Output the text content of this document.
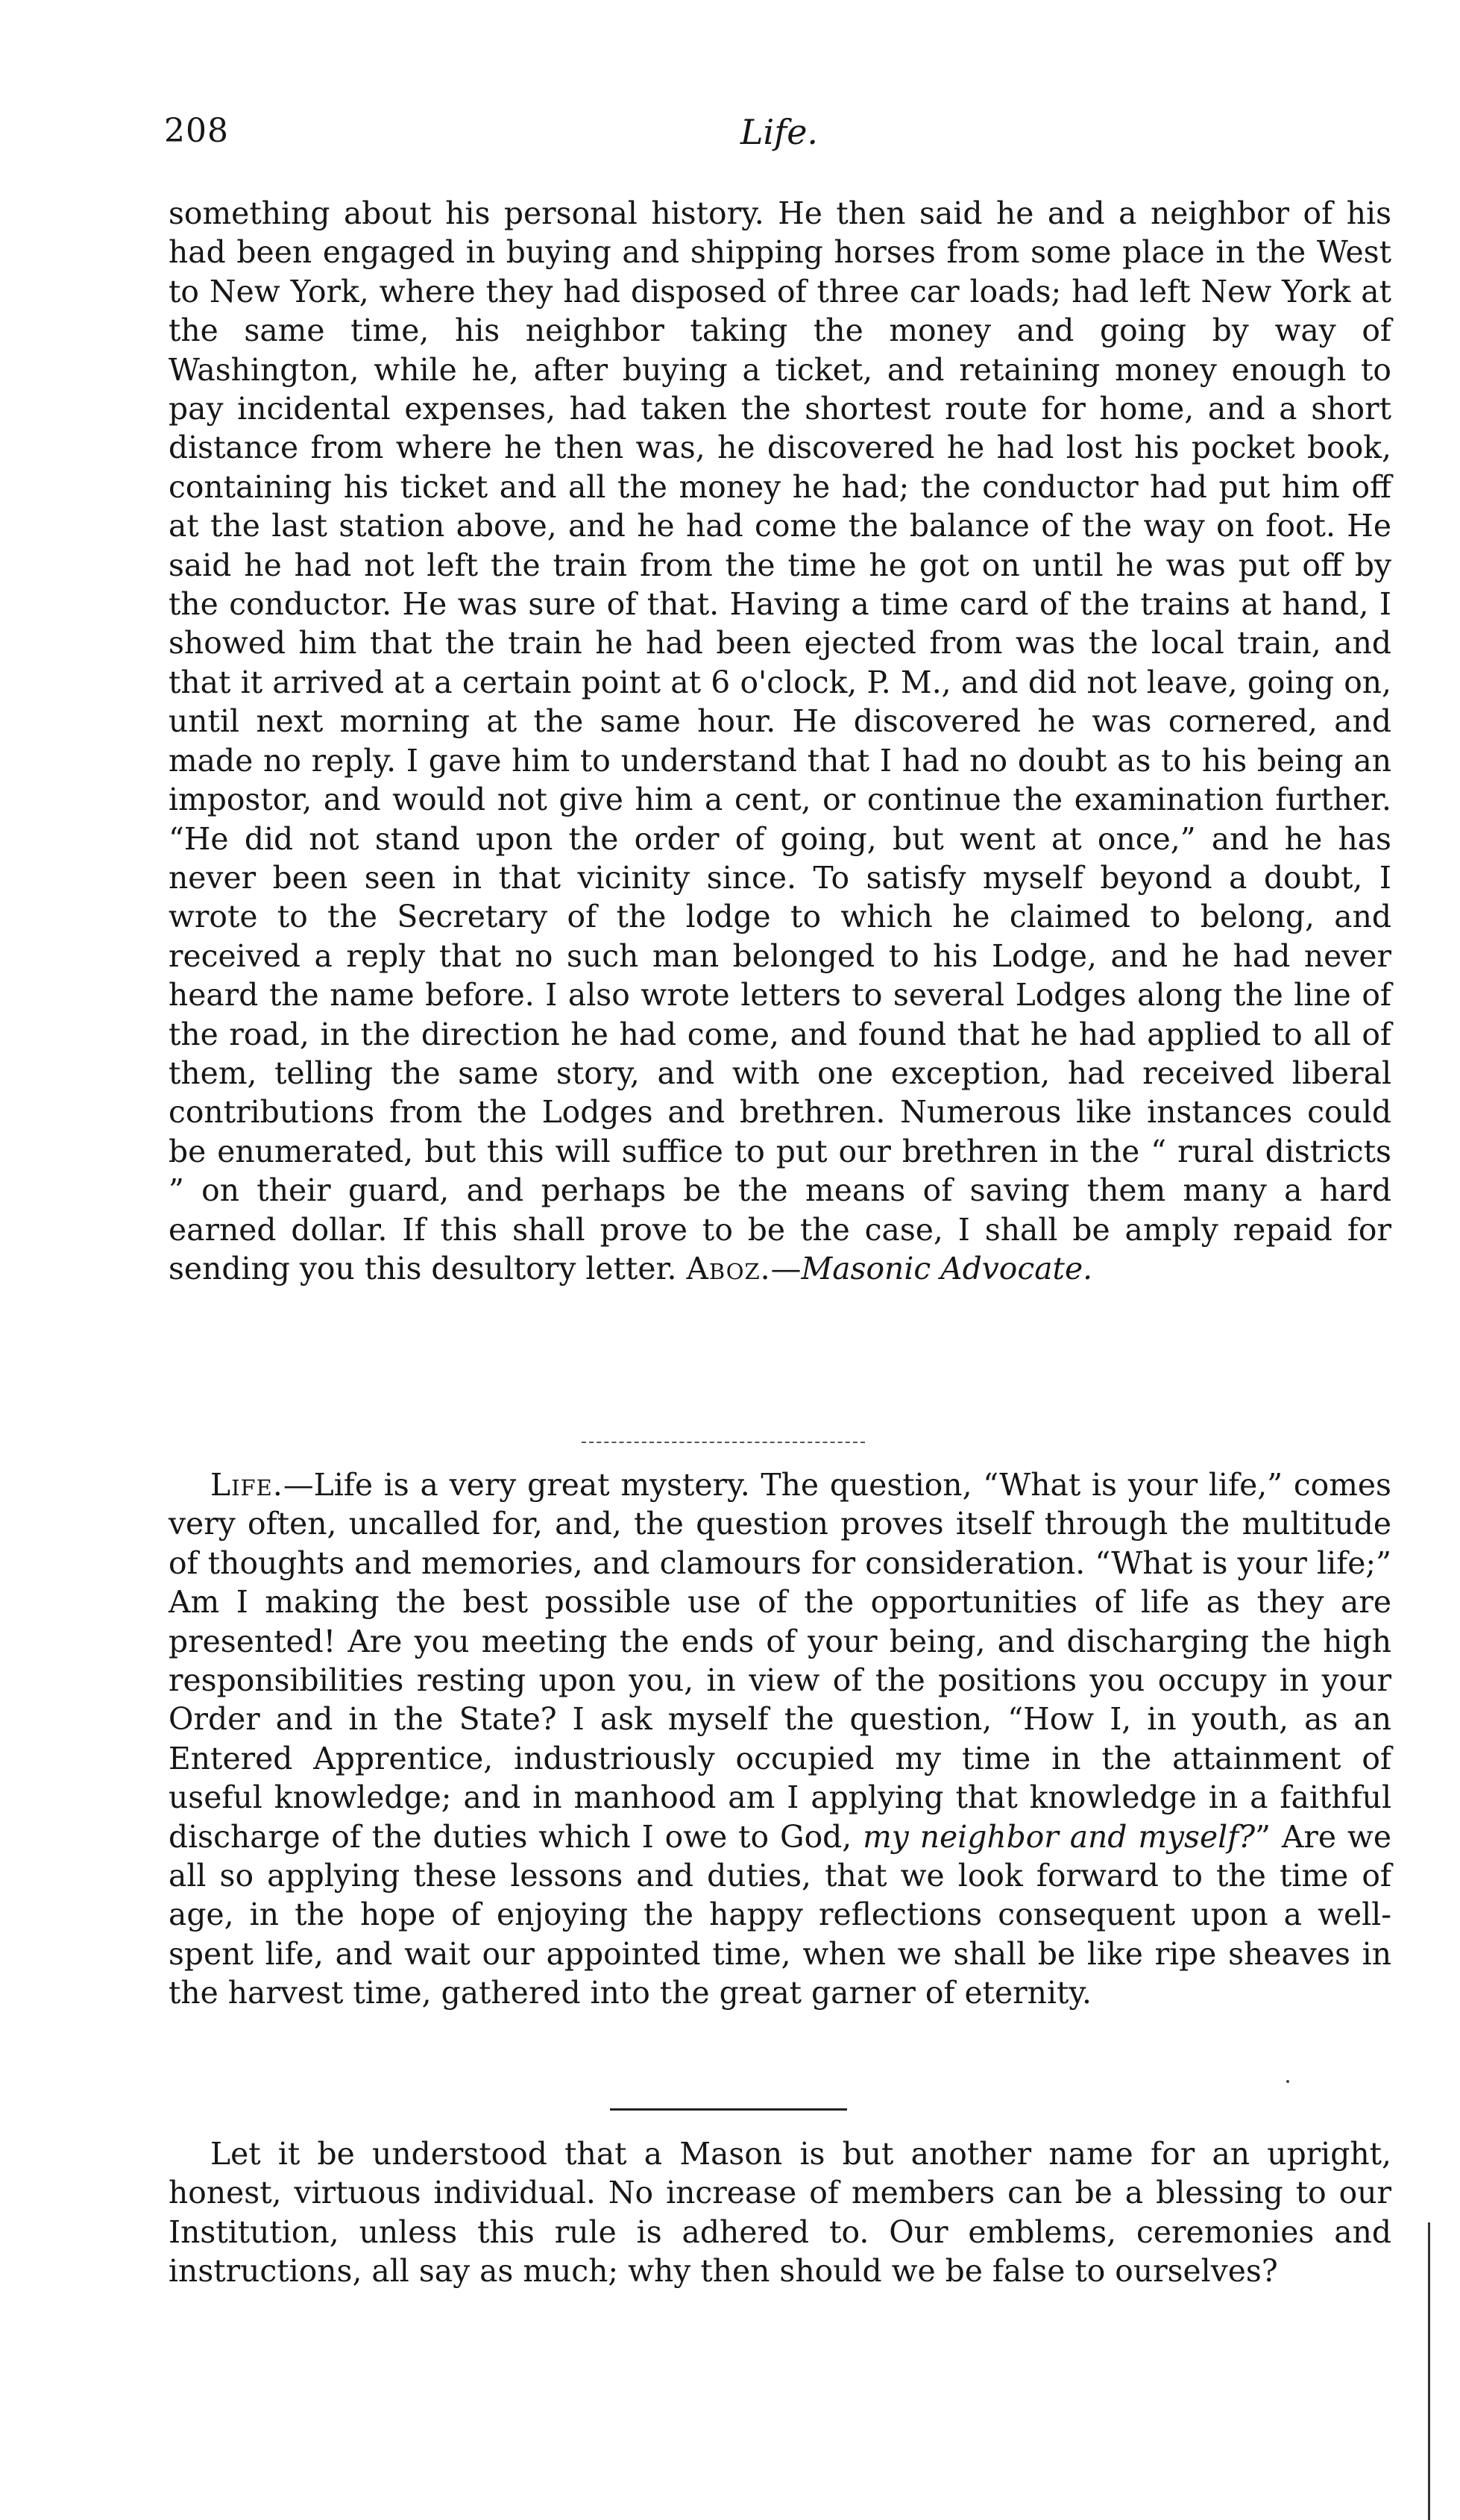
208	Life.

something about his personal history. He then said he and a neighbor of his had been engaged in buying and shipping horses from some place in the West to New York, where they had disposed of three car loads; had left New York at the same time, his neighbor taking the money and going by way of Washington, while he, after buying a ticket, and retaining money enough to pay incidental expenses, had taken the shortest route for home, and a short distance from where he then was, he discovered he had lost his pocket book, containing his ticket and all the money he had; the conductor had put him off at the last station above, and he had come the balance of the way on foot. He said he had not left the train from the time he got on until he was put off by the conductor. He was sure of that. Having a time card of the trains at hand, I showed him that the train he had been ejected from was the local train, and that it arrived at a certain point at 6 o'clock, P. M., and did not leave, going on, until next morning at the same hour. He discovered he was cornered, and made no reply. I gave him to understand that I had no doubt as to his being an impostor, and would not give him a cent, or continue the examination further. “He did not stand upon the order of going, but went at once,” and he has never been seen in that vicinity since. To satisfy myself beyond a doubt, I wrote to the Secretary of the lodge to which he claimed to belong, and received a reply that no such man belonged to his Lodge, and he had never heard the name before. I also wrote letters to several Lodges along the line of the road, in the direction he had come, and found that he had applied to all of them, telling the same story, and with one exception, had received liberal contributions from the Lodges and brethren. Numerous like instances could be enumerated, but this will suffice to put our brethren in the “ rural districts ” on their guard, and perhaps be the means of saving them many a hard earned dollar. If this shall prove to be the case, I shall be amply repaid for sending you this desultory letter. Aboz.—Masonic Advocate.

Life.—Life is a very great mystery. The question, “What is your life,” comes very often, uncalled for, and, the question proves itself through the multitude of thoughts and memories, and clamours for consideration. “What is your life;” Am I making the best possible use of the opportunities of life as they are presented! Are you meeting the ends of your being, and discharging the high responsibilities resting upon you, in view of the positions you occupy in your Order and in the State? I ask myself the question, “How I, in youth, as an Entered Apprentice, industriously occupied my time in the attainment of useful knowledge; and in manhood am I applying that knowledge in a faithful discharge of the duties which I owe to God, my neighbor and myself?” Are we all so applying these lessons and duties, that we look forward to the time of age, in the hope of enjoying the happy reflections consequent upon a well-spent life, and wait our appointed time, when we shall be like ripe sheaves in the harvest time, gathered into the great garner of eternity.

Let it be understood that a Mason is but another name for an upright, honest, virtuous individual. No increase of members can be a blessing to our Institution, unless this rule is adhered to. Our emblems, ceremonies and instructions, all say as much; why then should we be false to ourselves?
